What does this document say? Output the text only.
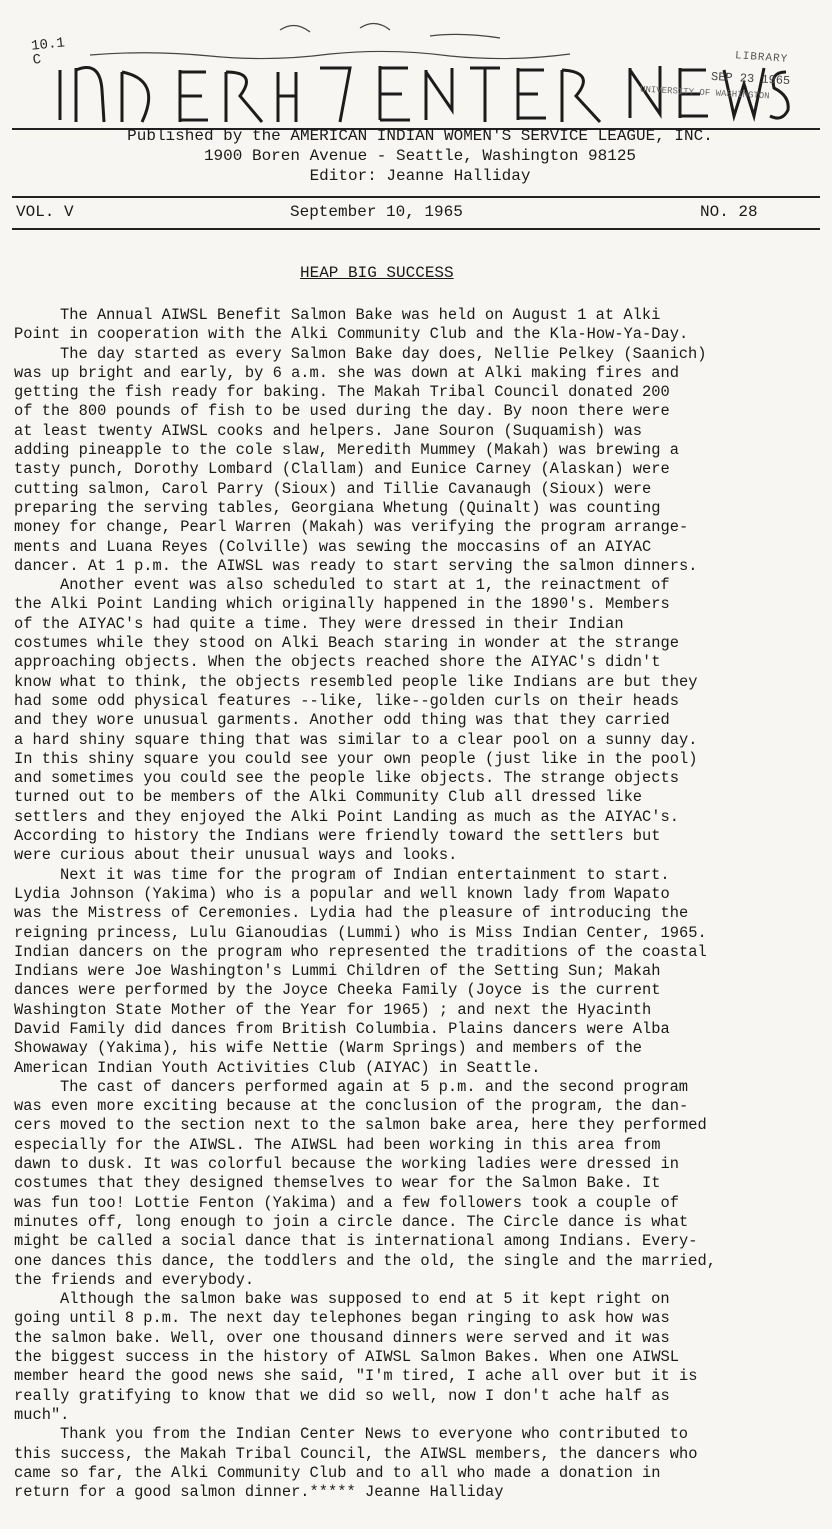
10.1
C	LIBRARY
UNIVERSITY OF WASHINGTON
SEP 23 1965
Published by the AMERICAN INDIAN WOMEN'S SERVICE LEAGUE, INC.
1900 Boren Avenue - Seattle, Washington 98125
Editor: Jeanne Halliday
VOL. V	September 10, 1965	NO. 28
HEAP BIG SUCCESS
The Annual AIWSL Benefit Salmon Bake was held on August 1 at Alki
Point in cooperation with the Alki Community Club and the Kla-How-Ya-Day.
The day started as every Salmon Bake day does, Nellie Pelkey (Saanich)
was up bright and early, by 6 a.m. she was down at Alki making fires and
getting the fish ready for baking. The Makah Tribal Council donated 200
of the 800 pounds of fish to be used during the day. By noon there were
at least twenty AIWSL cooks and helpers. Jane Souron (Suquamish) was
adding pineapple to the cole slaw, Meredith Mummey (Makah) was brewing a
tasty punch, Dorothy Lombard (Clallam) and Eunice Carney (Alaskan) were
cutting salmon, Carol Parry (Sioux) and Tillie Cavanaugh (Sioux) were
preparing the serving tables, Georgiana Whetung (Quinalt) was counting
money for change, Pearl Warren (Makah) was verifying the program arrange-
ments and Luana Reyes (Colville) was sewing the moccasins of an AIYAC
dancer. At 1 p.m. the AIWSL was ready to start serving the salmon dinners.
Another event was also scheduled to start at 1, the reinactment of
the Alki Point Landing which originally happened in the 1890's. Members
of the AIYAC's had quite a time. They were dressed in their Indian
costumes while they stood on Alki Beach staring in wonder at the strange
approaching objects. When the objects reached shore the AIYAC's didn't
know what to think, the objects resembled people like Indians are but they
had some odd physical features --like, like--golden curls on their heads
and they wore unusual garments. Another odd thing was that they carried
a hard shiny square thing that was similar to a clear pool on a sunny day.
In this shiny square you could see your own people (just like in the pool)
and sometimes you could see the people like objects. The strange objects
turned out to be members of the Alki Community Club all dressed like
settlers and they enjoyed the Alki Point Landing as much as the AIYAC's.
According to history the Indians were friendly toward the settlers but
were curious about their unusual ways and looks.
Next it was time for the program of Indian entertainment to start.
Lydia Johnson (Yakima) who is a popular and well known lady from Wapato
was the Mistress of Ceremonies. Lydia had the pleasure of introducing the
reigning princess, Lulu Gianoudias (Lummi) who is Miss Indian Center, 1965.
Indian dancers on the program who represented the traditions of the coastal
Indians were Joe Washington's Lummi Children of the Setting Sun; Makah
dances were performed by the Joyce Cheeka Family (Joyce is the current
Washington State Mother of the Year for 1965) ; and next the Hyacinth
David Family did dances from British Columbia. Plains dancers were Alba
Showaway (Yakima), his wife Nettie (Warm Springs) and members of the
American Indian Youth Activities Club (AIYAC) in Seattle.
The cast of dancers performed again at 5 p.m. and the second program
was even more exciting because at the conclusion of the program, the dan-
cers moved to the section next to the salmon bake area, here they performed
especially for the AIWSL. The AIWSL had been working in this area from
dawn to dusk. It was colorful because the working ladies were dressed in
costumes that they designed themselves to wear for the Salmon Bake. It
was fun too! Lottie Fenton (Yakima) and a few followers took a couple of
minutes off, long enough to join a circle dance. The Circle dance is what
might be called a social dance that is international among Indians. Every-
one dances this dance, the toddlers and the old, the single and the married,
the friends and everybody.
Although the salmon bake was supposed to end at 5 it kept right on
going until 8 p.m. The next day telephones began ringing to ask how was
the salmon bake. Well, over one thousand dinners were served and it was
the biggest success in the history of AIWSL Salmon Bakes. When one AIWSL
member heard the good news she said, "I'm tired, I ache all over but it is
really gratifying to know that we did so well, now I don't ache half as
much".
Thank you from the Indian Center News to everyone who contributed to
this success, the Makah Tribal Council, the AIWSL members, the dancers who
came so far, the Alki Community Club and to all who made a donation in
return for a good salmon dinner.***** Jeanne Halliday
